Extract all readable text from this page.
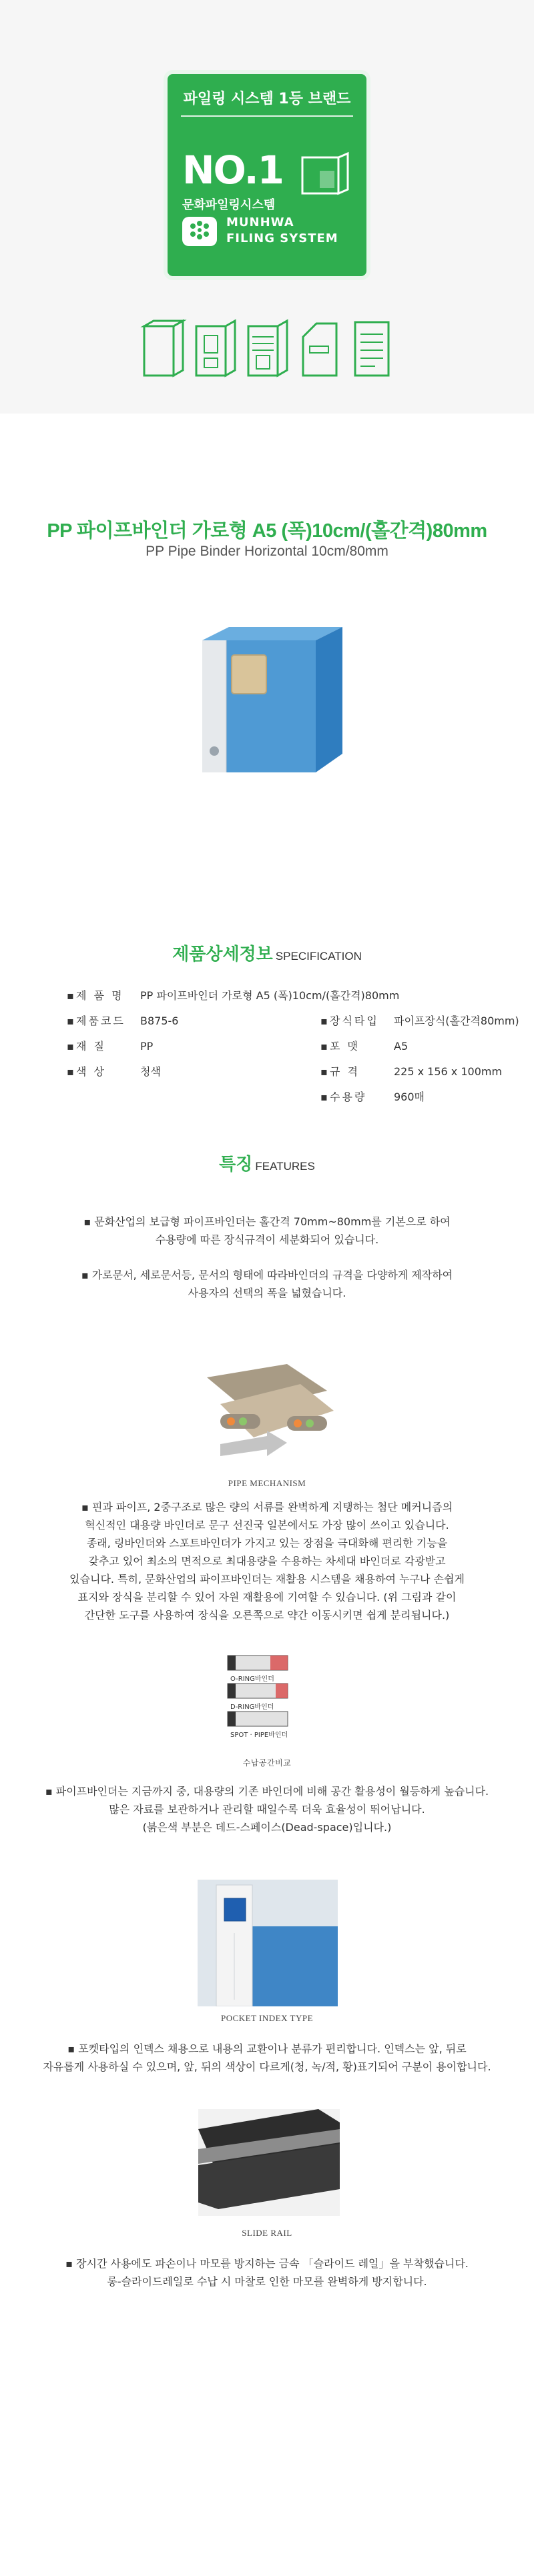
파일링 시스템 1등 브랜드
NO.1
문화파일링시스템
MUNHWA
FILING SYSTEM
PP 파이프바인더 가로형 A5 (폭)10cm/(홀간격)80mm
PP Pipe Binder Horizontal 10cm/80mm
제품상세정보 SPECIFICATION
▪ 제 품 명 PP 파이프바인더 가로형 A5 (폭)10cm/(홀간격)80mm
▪ 제품코드 B875-6
▪ 재 질	PP
▪ 색 상	청색
▪ 장식타입 파이프장식(홀간격80mm)
▪ 포 맷	A5
▪ 규 격	225 x 156 x 100mm
▪ 수용량	960매
특징 FEATURES
▪ 문화산업의 보급형 파이프바인더는 홀간격 70mm~80mm를 기본으로 하여
수용량에 따른 장식규격이 세분화되어 있습니다.
▪ 가로문서, 세로문서등, 문서의 형태에 따라바인더의 규격을 다양하게 제작하여
사용자의 선택의 폭을 넓혔습니다.
PIPE MECHANISM
▪ 핀과 파이프, 2중구조로 많은 량의 서류를 완벽하게 지탱하는 첨단 메커니즘의
혁신적인 대용량 바인더로 문구 선진국 일본에서도 가장 많이 쓰이고 있습니다.
종래, 링바인더와 스포트바인더가 가지고 있는 장점을 극대화해 편리한 기능을
갖추고 있어 최소의 면적으로 최대용량을 수용하는 차세대 바인더로 각광받고
있습니다. 특히, 문화산업의 파이프바인더는 재활용 시스템을 채용하여 누구나 손쉽게
표지와 장식을 분리할 수 있어 자원 재활용에 기여할 수 있습니다. (위 그림과 같이
간단한 도구를 사용하여 장식을 오른쪽으로 약간 이동시키면 쉽게 분리됩니다.)
O-RING바인더
D-RING바인더
SPOT · PIPE바인더
수납공간비교
▪ 파이프바인더는 지금까지 중, 대용량의 기존 바인더에 비해 공간 활용성이 월등하게 높습니다.
많은 자료를 보관하거나 관리할 때일수록 더욱 효율성이 뛰어납니다.
(붉은색 부분은 데드-스페이스(Dead-space)입니다.)
POCKET INDEX TYPE
▪ 포켓타입의 인덱스 채용으로 내용의 교환이나 분류가 편리합니다. 인덱스는 앞, 뒤로
자유롭게 사용하실 수 있으며, 앞, 뒤의 색상이 다르게(청, 녹/적, 황)표기되어 구분이 용이합니다.
SLIDE RAIL
▪ 장시간 사용에도 파손이나 마모를 방지하는 금속 「슬라이드 레일」을 부착했습니다.
롱-슬라이드레일로 수납 시 마찰로 인한 마모를 완벽하게 방지합니다.
